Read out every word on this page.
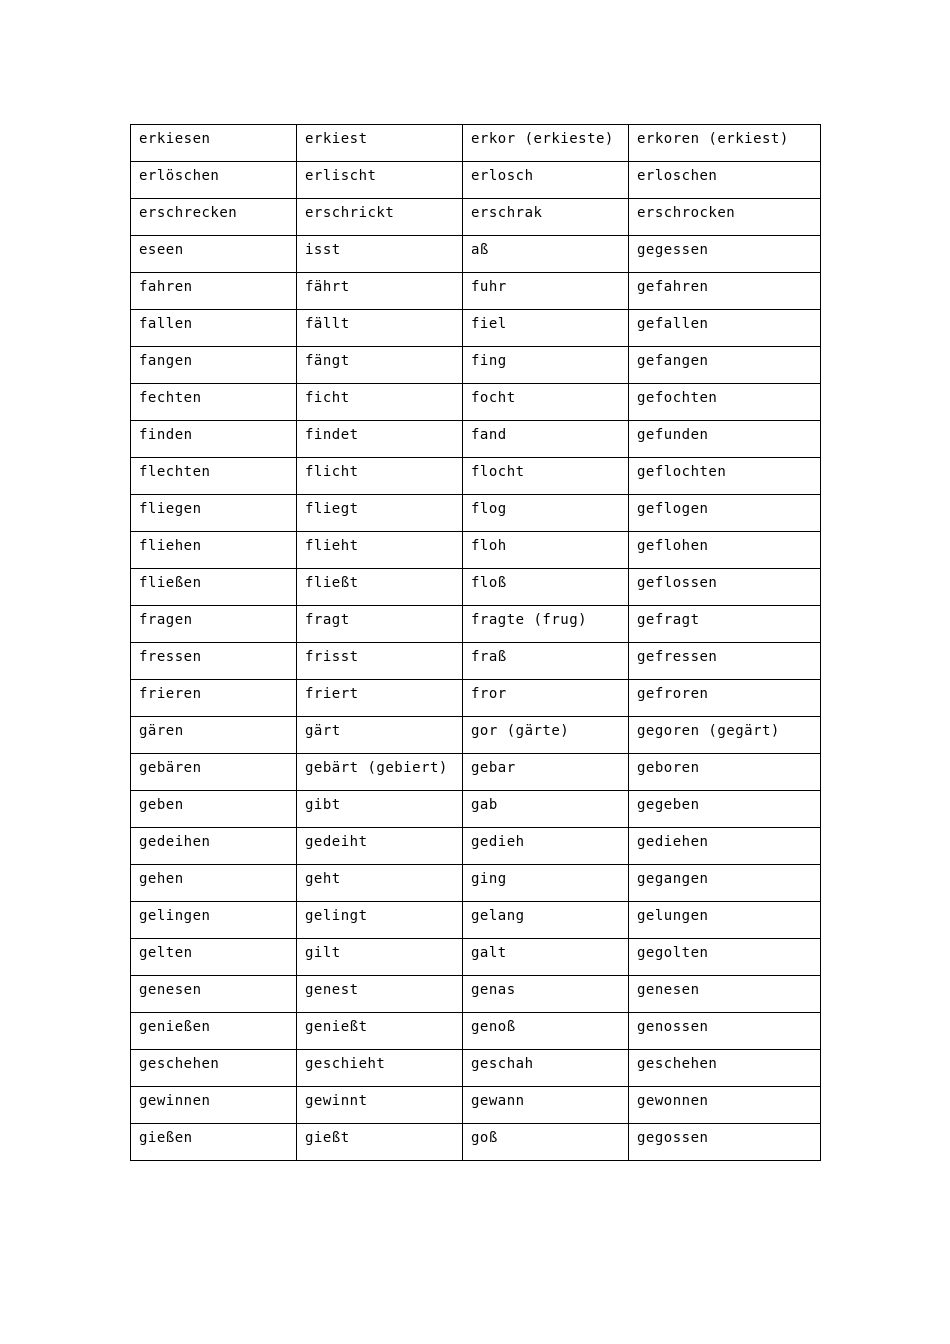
erkiesen	erkiest	erkor (erkieste)	erkoren (erkiest)

erlöschen	erlischt	erlosch	erloschen

erschrecken	erschrickt	erschrak	erschrocken

eseen	isst	aß	gegessen

fahren	fährt	fuhr	gefahren

fallen	fällt	fiel	gefallen

fangen	fängt	fing	gefangen

fechten	ficht	focht	gefochten

finden	findet	fand	gefunden

flechten	flicht	flocht	geflochten

fliegen	fliegt	flog	geflogen

fliehen	flieht	floh	geflohen

fließen	fließt	floß	geflossen

fragen	fragt	fragte (frug)	gefragt

fressen	frisst	fraß	gefressen

frieren	friert	fror	gefroren

gären	gärt	gor (gärte)	gegoren (gegärt)

gebären	gebärt (gebiert)	gebar	geboren

geben	gibt	gab	gegeben

gedeihen	gedeiht	gedieh	gediehen

gehen	geht	ging	gegangen

gelingen	gelingt	gelang	gelungen

gelten	gilt	galt	gegolten

genesen	genest	genas	genesen

genießen	genießt	genoß	genossen

geschehen	geschieht	geschah	geschehen

gewinnen	gewinnt	gewann	gewonnen

gießen	gießt	goß	gegossen
